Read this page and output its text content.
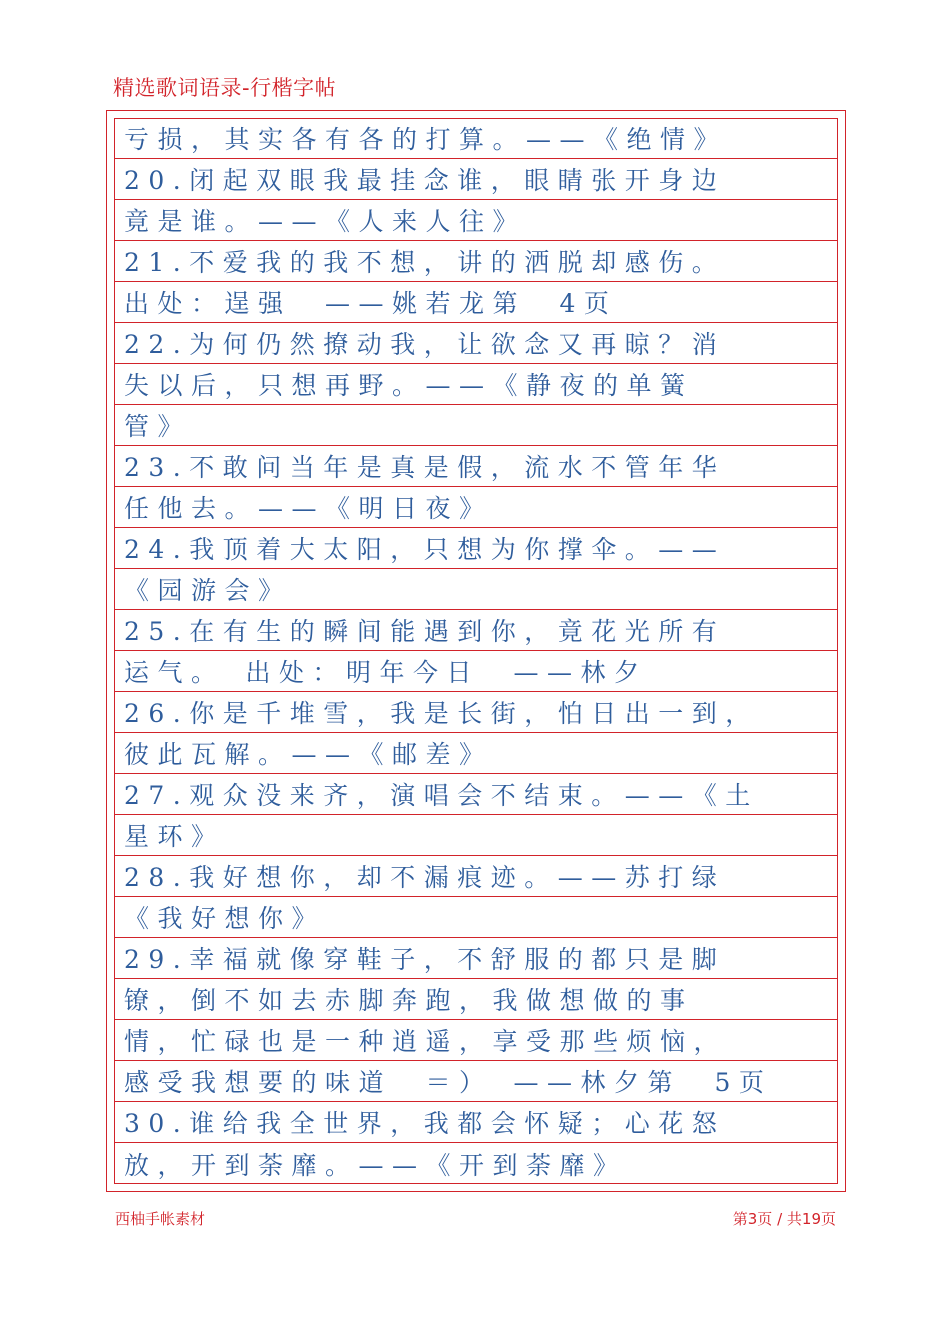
精选歌词语录-行楷字帖
亏损，其实各有各的打算。——《绝情》
20.闭起双眼我最挂念谁，眼睛张开身边
竟是谁。——《人来人往》
21.不爱我的我不想，讲的洒脱却感伤。
出处：逞强　——姚若龙第　4页
22.为何仍然撩动我，让欲念又再晾？消
失以后，只想再野。——《静夜的单簧
管》
23.不敢问当年是真是假，流水不管年华
任他去。——《明日夜》
24.我顶着大太阳，只想为你撑伞。——
《园游会》
25.在有生的瞬间能遇到你，竟花光所有
运气。　出处：明年今日　——林夕
26.你是千堆雪，我是长街，怕日出一到，
彼此瓦解。——《邮差》
27.观众没来齐，演唱会不结束。——《土
星环》
28.我好想你，却不漏痕迹。——苏打绿
《我好想你》
29.幸福就像穿鞋子，不舒服的都只是脚
镣，倒不如去赤脚奔跑，我做想做的事
情，忙碌也是一种逍遥，享受那些烦恼，
感受我想要的味道　＝）　——林夕第　5页
30.谁给我全世界，我都会怀疑；心花怒
放，开到荼靡。——《开到荼靡》
西柚手帐素材	第3页 / 共19页
